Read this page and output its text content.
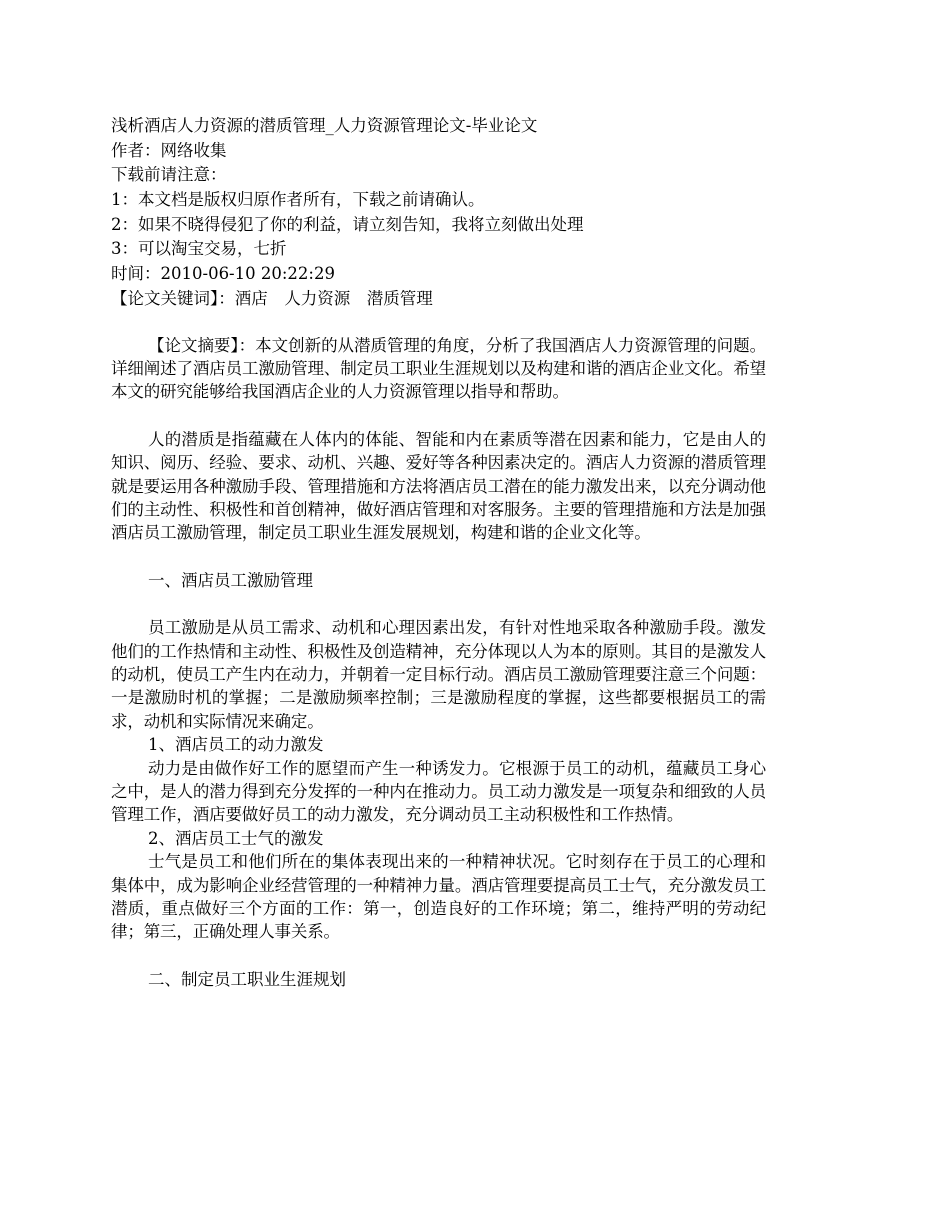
浅析酒店人力资源的潜质管理_人力资源管理论文-毕业论文
作者：网络收集
下载前请注意：
1：本文档是版权归原作者所有，下载之前请确认。
2：如果不晓得侵犯了你的利益，请立刻告知，我将立刻做出处理
3：可以淘宝交易，七折
时间：2010-06-10 20:22:29
【论文关键词】：酒店　人力资源　潜质管理
【论文摘要】：本文创新的从潜质管理的角度，分析了我国酒店人力资源管理的问题。详细阐述了酒店员工激励管理、制定员工职业生涯规划以及构建和谐的酒店企业文化。希望本文的研究能够给我国酒店企业的人力资源管理以指导和帮助。
人的潜质是指蕴藏在人体内的体能、智能和内在素质等潜在因素和能力，它是由人的知识、阅历、经验、要求、动机、兴趣、爱好等各种因素决定的。酒店人力资源的潜质管理就是要运用各种激励手段、管理措施和方法将酒店员工潜在的能力激发出来，以充分调动他们的主动性、积极性和首创精神，做好酒店管理和对客服务。主要的管理措施和方法是加强酒店员工激励管理，制定员工职业生涯发展规划，构建和谐的企业文化等。
一、酒店员工激励管理
员工激励是从员工需求、动机和心理因素出发，有针对性地采取各种激励手段。激发他们的工作热情和主动性、积极性及创造精神，充分体现以人为本的原则。其目的是激发人的动机，使员工产生内在动力，并朝着一定目标行动。酒店员工激励管理要注意三个问题：一是激励时机的掌握；二是激励频率控制；三是激励程度的掌握，这些都要根据员工的需求，动机和实际情况来确定。
1、酒店员工的动力激发
动力是由做作好工作的愿望而产生一种诱发力。它根源于员工的动机，蕴藏员工身心之中，是人的潜力得到充分发挥的一种内在推动力。员工动力激发是一项复杂和细致的人员管理工作，酒店要做好员工的动力激发，充分调动员工主动积极性和工作热情。
2、酒店员工士气的激发
士气是员工和他们所在的集体表现出来的一种精神状况。它时刻存在于员工的心理和集体中，成为影响企业经营管理的一种精神力量。酒店管理要提高员工士气，充分激发员工潜质，重点做好三个方面的工作：第一，创造良好的工作环境；第二，维持严明的劳动纪律；第三，正确处理人事关系。
二、制定员工职业生涯规划
